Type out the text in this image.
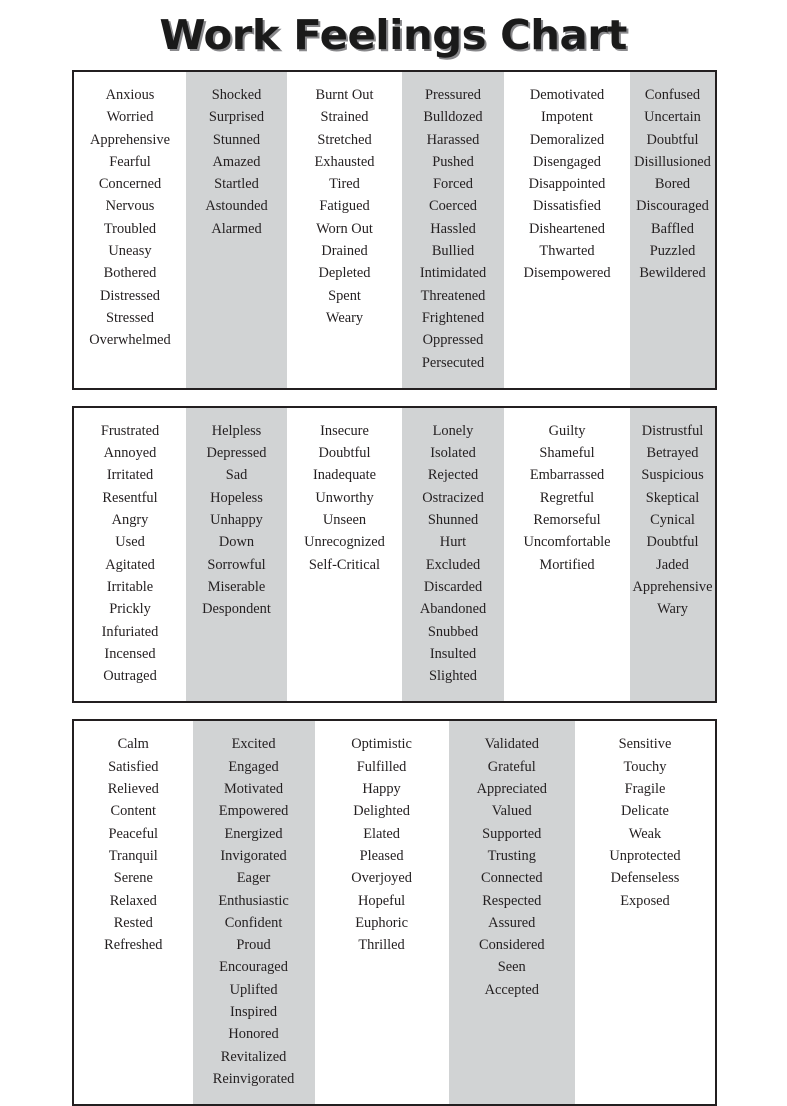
Work Feelings Chart
Anxious
Worried
Apprehensive
Fearful
Concerned
Nervous
Troubled
Uneasy
Bothered
Distressed
Stressed
Overwhelmed
Shocked
Surprised
Stunned
Amazed
Startled
Astounded
Alarmed
Burnt Out
Strained
Stretched
Exhausted
Tired
Fatigued
Worn Out
Drained
Depleted
Spent
Weary
Pressured
Bulldozed
Harassed
Pushed
Forced
Coerced
Hassled
Bullied
Intimidated
Threatened
Frightened
Oppressed
Persecuted
Demotivated
Impotent
Demoralized
Disengaged
Disappointed
Dissatisfied
Disheartened
Thwarted
Disempowered
Confused
Uncertain
Doubtful
Disillusioned
Bored
Discouraged
Baffled
Puzzled
Bewildered
Frustrated
Annoyed
Irritated
Resentful
Angry
Used
Agitated
Irritable
Prickly
Infuriated
Incensed
Outraged
Helpless
Depressed
Sad
Hopeless
Unhappy
Down
Sorrowful
Miserable
Despondent
Insecure
Doubtful
Inadequate
Unworthy
Unseen
Unrecognized
Self-Critical
Lonely
Isolated
Rejected
Ostracized
Shunned
Hurt
Excluded
Discarded
Abandoned
Snubbed
Insulted
Slighted
Guilty
Shameful
Embarrassed
Regretful
Remorseful
Uncomfortable
Mortified
Distrustful
Betrayed
Suspicious
Skeptical
Cynical
Doubtful
Jaded
Apprehensive
Wary
Calm
Satisfied
Relieved
Content
Peaceful
Tranquil
Serene
Relaxed
Rested
Refreshed
Excited
Engaged
Motivated
Empowered
Energized
Invigorated
Eager
Enthusiastic
Confident
Proud
Encouraged
Uplifted
Inspired
Honored
Revitalized
Reinvigorated
Optimistic
Fulfilled
Happy
Delighted
Elated
Pleased
Overjoyed
Hopeful
Euphoric
Thrilled
Validated
Grateful
Appreciated
Valued
Supported
Trusting
Connected
Respected
Assured
Considered
Seen
Accepted
Sensitive
Touchy
Fragile
Delicate
Weak
Unprotected
Defenseless
Exposed
